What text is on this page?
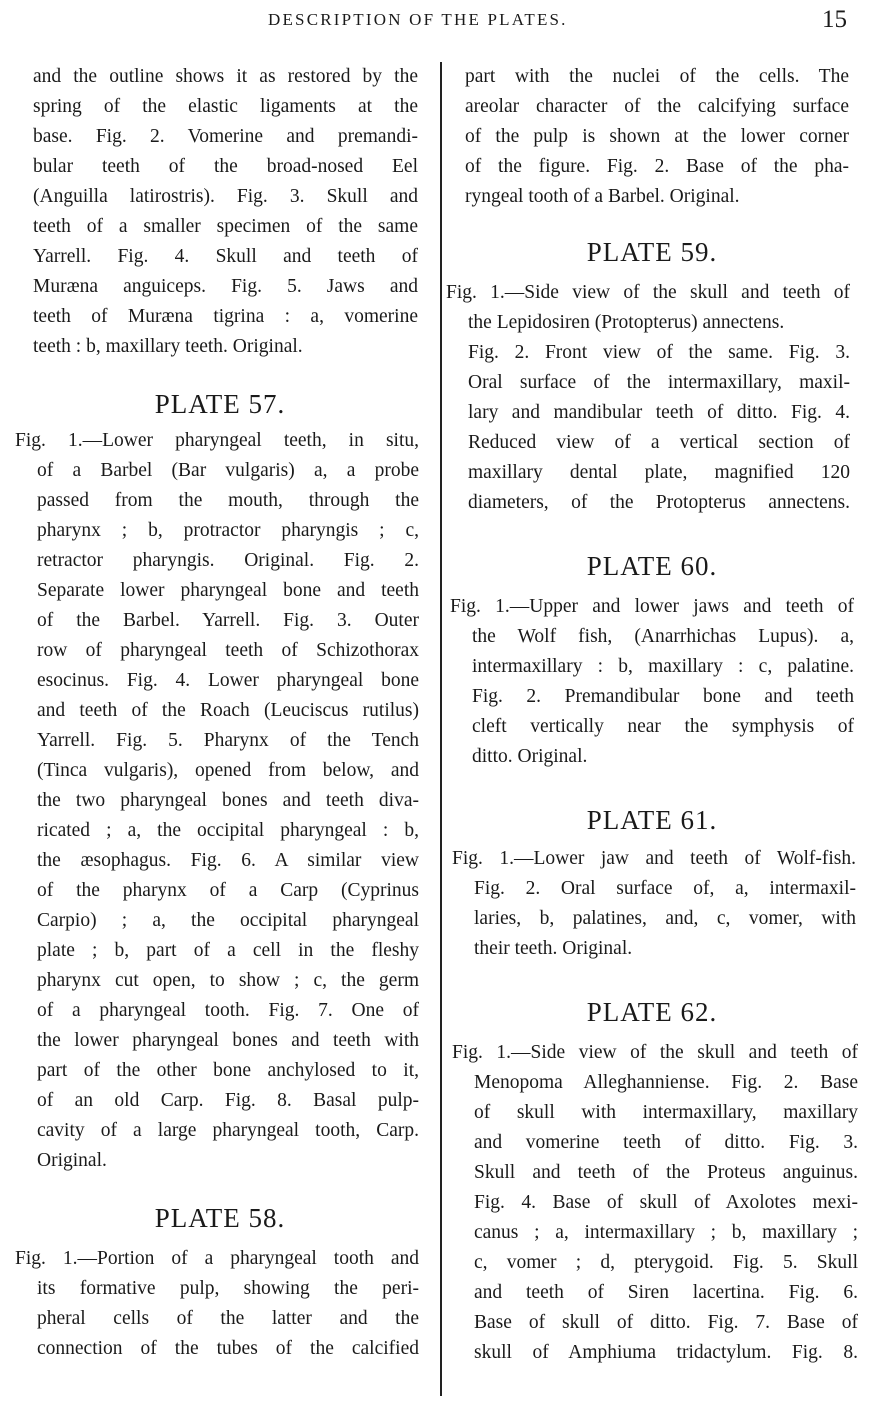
DESCRIPTION OF THE PLATES.	15
and the outline shows it as restored by the
spring of the elastic ligaments at the
base. Fig. 2. Vomerine and premandi-
bular teeth of the broad-nosed Eel
(Anguilla latirostris). Fig. 3. Skull and
teeth of a smaller specimen of the same
Yarrell. Fig. 4. Skull and teeth of
Muræna anguiceps. Fig. 5. Jaws and
teeth of Muræna tigrina : a, vomerine
teeth : b, maxillary teeth. Original.
PLATE 57.
Fig. 1.—Lower pharyngeal teeth, in situ,
of a Barbel (Bar vulgaris) a, a probe
passed from the mouth, through the
pharynx ; b, protractor pharyngis ; c,
retractor pharyngis. Original. Fig. 2.
Separate lower pharyngeal bone and teeth
of the Barbel. Yarrell. Fig. 3. Outer
row of pharyngeal teeth of Schizothorax
esocinus. Fig. 4. Lower pharyngeal bone
and teeth of the Roach (Leuciscus rutilus)
Yarrell. Fig. 5. Pharynx of the Tench
(Tinca vulgaris), opened from below, and
the two pharyngeal bones and teeth diva-
ricated ; a, the occipital pharyngeal : b,
the æsophagus. Fig. 6. A similar view
of the pharynx of a Carp (Cyprinus
Carpio) ; a, the occipital pharyngeal
plate ; b, part of a cell in the fleshy
pharynx cut open, to show ; c, the germ
of a pharyngeal tooth. Fig. 7. One of
the lower pharyngeal bones and teeth with
part of the other bone anchylosed to it,
of an old Carp. Fig. 8. Basal pulp-
cavity of a large pharyngeal tooth, Carp.
Original.
PLATE 58.
Fig. 1.—Portion of a pharyngeal tooth and
its formative pulp, showing the peri-
pheral cells of the latter and the
connection of the tubes of the calcified
part with the nuclei of the cells. The
areolar character of the calcifying surface
of the pulp is shown at the lower corner
of the figure. Fig. 2. Base of the pha-
ryngeal tooth of a Barbel. Original.
PLATE 59.
Fig. 1.—Side view of the skull and teeth of
the Lepidosiren (Protopterus) annectens.
Fig. 2. Front view of the same. Fig. 3.
Oral surface of the intermaxillary, maxil-
lary and mandibular teeth of ditto. Fig. 4.
Reduced view of a vertical section of
maxillary dental plate, magnified 120
diameters, of the Protopterus annectens.
PLATE 60.
Fig. 1.—Upper and lower jaws and teeth of
the Wolf fish, (Anarrhichas Lupus). a,
intermaxillary : b, maxillary : c, palatine.
Fig. 2. Premandibular bone and teeth
cleft vertically near the symphysis of
ditto. Original.
PLATE 61.
Fig. 1.—Lower jaw and teeth of Wolf-fish.
Fig. 2. Oral surface of, a, intermaxil-
laries, b, palatines, and, c, vomer, with
their teeth. Original.
PLATE 62.
Fig. 1.—Side view of the skull and teeth of
Menopoma Alleghanniense. Fig. 2. Base
of skull with intermaxillary, maxillary
and vomerine teeth of ditto. Fig. 3.
Skull and teeth of the Proteus anguinus.
Fig. 4. Base of skull of Axolotes mexi-
canus ; a, intermaxillary ; b, maxillary ;
c, vomer ; d, pterygoid. Fig. 5. Skull
and teeth of Siren lacertina. Fig. 6.
Base of skull of ditto. Fig. 7. Base of
skull of Amphiuma tridactylum. Fig. 8.
